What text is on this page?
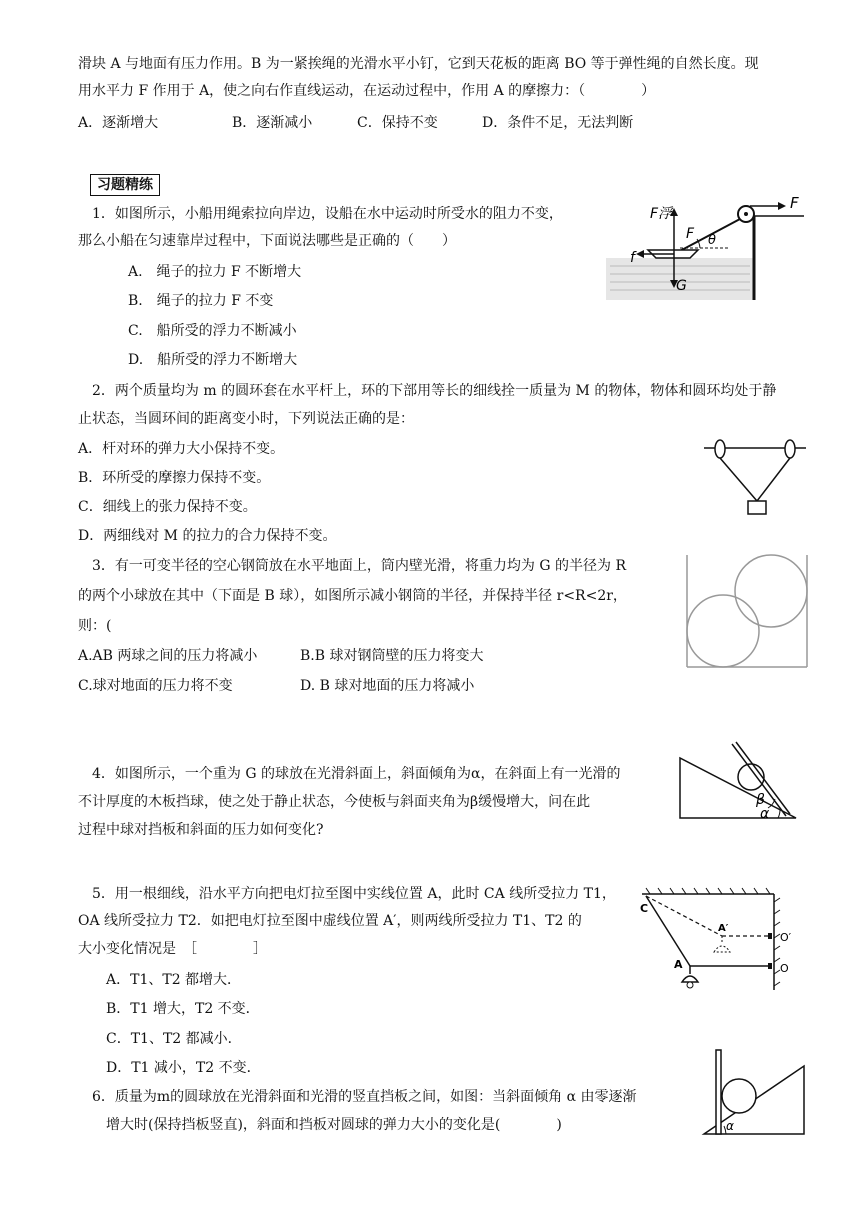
滑块 A 与地面有压力作用。B 为一紧挨绳的光滑水平小钉，它到天花板的距离 BO 等于弹性绳的自然长度。现
用水平力 F 作用于 A，使之向右作直线运动，在运动过程中，作用 A 的摩擦力：（　　　　）
A．逐渐增大	B．逐渐减小	C．保持不变	D．条件不足，无法判断
习题精练
1．如图所示，小船用绳索拉向岸边，设船在水中运动时所受水的阻力不变，
那么小船在匀速靠岸过程中，下面说法哪些是正确的（　　）
A.　绳子的拉力 F 不断增大
B.　绳子的拉力 F 不变
C.　船所受的浮力不断减小
D.　船所受的浮力不断增大
F
F浮
F θ
f
G
2．两个质量均为 m 的圆环套在水平杆上，环的下部用等长的细线拴一质量为 M 的物体，物体和圆环均处于静
止状态，当圆环间的距离变小时，下列说法正确的是：
A．杆对环的弹力大小保持不变。
B．环所受的摩擦力保持不变。
C．细线上的张力保持不变。
D．两细线对 M 的拉力的合力保持不变。
3．有一可变半径的空心钢筒放在水平地面上，筒内壁光滑，将重力均为 G 的半径为 R
的两个小球放在其中（下面是 B 球），如图所示减小钢筒的半径，并保持半径 r<R<2r，
则：(
A.AB 两球之间的压力将减小	B.B 球对钢筒壁的压力将变大
C.球对地面的压力将不变	D. B 球对地面的压力将减小
4．如图所示，一个重为 G 的球放在光滑斜面上，斜面倾角为α，在斜面上有一光滑的
不计厚度的木板挡球，使之处于静止状态，今使板与斜面夹角为β缓慢增大，问在此
过程中球对挡板和斜面的压力如何变化?
β
α
5．用一根细线，沿水平方向把电灯拉至图中实线位置 A，此时 CA 线所受拉力 T1，
OA 线所受拉力 T2．如把电灯拉至图中虚线位置 A′，则两线所受拉力 T1、T2 的
大小变化情况是　［　　　　］
A．T1、T2 都增大．
B．T1 增大，T2 不变．
C．T1、T2 都减小．
D．T1 减小，T2 不变．
C
A′
O′
A	O
6．质量为m的圆球放在光滑斜面和光滑的竖直挡板之间，如图：当斜面倾角 α 由零逐渐
增大时(保持挡板竖直)，斜面和挡板对圆球的弹力大小的变化是(　　　　)	α
